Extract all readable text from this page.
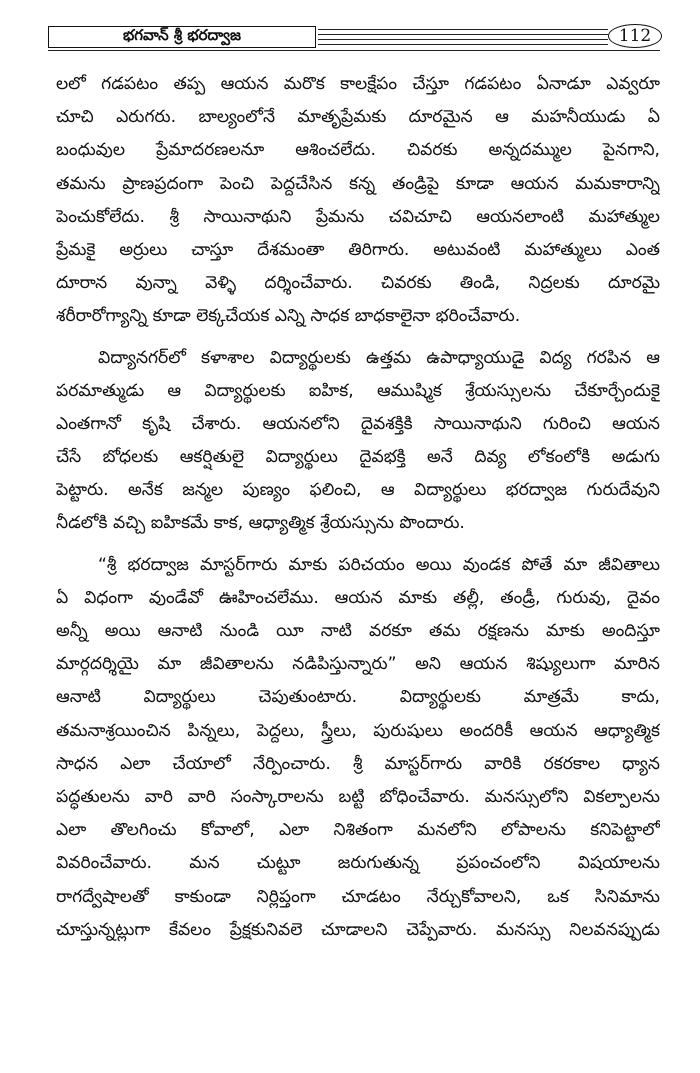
భగవాన్ శ్రీ భరద్వాజ	112
లలో గడపటం తప్ప ఆయన మరొక కాలక్షేపం చేస్తూ గడపటం ఏనాడూ ఎవ్వరూ
చూచి ఎరుగరు. బాల్యంలోనే మాతృప్రేమకు దూరమైన ఆ మహనీయుడు ఏ
బంధువుల ప్రేమాదరణలనూ ఆశించలేదు. చివరకు అన్నదమ్ముల పైనగాని,
తమను ప్రాణప్రదంగా పెంచి పెద్దచేసిన కన్న తండ్రిపై కూడా ఆయన మమకారాన్ని
పెంచుకోలేదు. శ్రీ సాయినాథుని ప్రేమను చవిచూచి ఆయనలాంటి మహాత్ముల
ప్రేమకై అర్రులు చాస్తూ దేశమంతా తిరిగారు. అటువంటి మహాత్ములు ఎంత
దూరాన వున్నా వెళ్ళి దర్శించేవారు. చివరకు తిండి, నిద్రలకు దూరమై
శరీరారోగ్యాన్ని కూడా లెక్కచేయక ఎన్ని సాధక బాధకాలైనా భరించేవారు.
విద్యానగర్‌లో కళాశాల విద్యార్థులకు ఉత్తమ ఉపాధ్యాయుడై విద్య గరపిన ఆ
పరమాత్ముడు ఆ విద్యార్థులకు ఐహిక, ఆముష్మిక శ్రేయస్సులను చేకూర్చేందుకై
ఎంతగానో కృషి చేశారు. ఆయనలోని దైవశక్తికి సాయినాథుని గురించి ఆయన
చేసే బోధలకు ఆకర్షితులై విద్యార్థులు దైవభక్తి అనే దివ్య లోకంలోకి అడుగు
పెట్టారు. అనేక జన్మల పుణ్యం ఫలించి, ఆ విద్యార్థులు భరద్వాజ గురుదేవుని
నీడలోకి వచ్చి ఐహికమే కాక, ఆధ్యాత్మిక శ్రేయస్సును పొందారు.
“శ్రీ భరద్వాజ మాస్టర్‌గారు మాకు పరిచయం అయి వుండక పోతే మా జీవితాలు
ఏ విధంగా వుండేవో ఊహించలేము. ఆయన మాకు తల్లీ, తండ్రీ, గురువు, దైవం
అన్నీ అయి ఆనాటి నుండి యీ నాటి వరకూ తమ రక్షణను మాకు అందిస్తూ
మార్గదర్శియై మా జీవితాలను నడిపిస్తున్నారు” అని ఆయన శిష్యులుగా మారిన
ఆనాటి విద్యార్థులు చెపుతుంటారు. విద్యార్థులకు మాత్రమే కాదు,
తమనాశ్రయించిన పిన్నలు, పెద్దలు, స్త్రీలు, పురుషులు అందరికీ ఆయన ఆధ్యాత్మిక
సాధన ఎలా చేయాలో నేర్పించారు. శ్రీ మాస్టర్‌గారు వారికి రకరకాల ధ్యాన
పద్ధతులను వారి వారి సంస్కారాలను బట్టి బోధించేవారు. మనస్సులోని వికల్పాలను
ఎలా తొలగించు కోవాలో, ఎలా నిశితంగా మనలోని లోపాలను కనిపెట్టాలో
వివరించేవారు. మన చుట్టూ జరుగుతున్న ప్రపంచంలోని విషయాలను
రాగద్వేషాలతో కాకుండా నిర్లిప్తంగా చూడటం నేర్చుకోవాలని, ఒక సినిమాను
చూస్తున్నట్లుగా కేవలం ప్రేక్షకునివలె చూడాలని చెప్పేవారు. మనస్సు నిలవనప్పుడు
